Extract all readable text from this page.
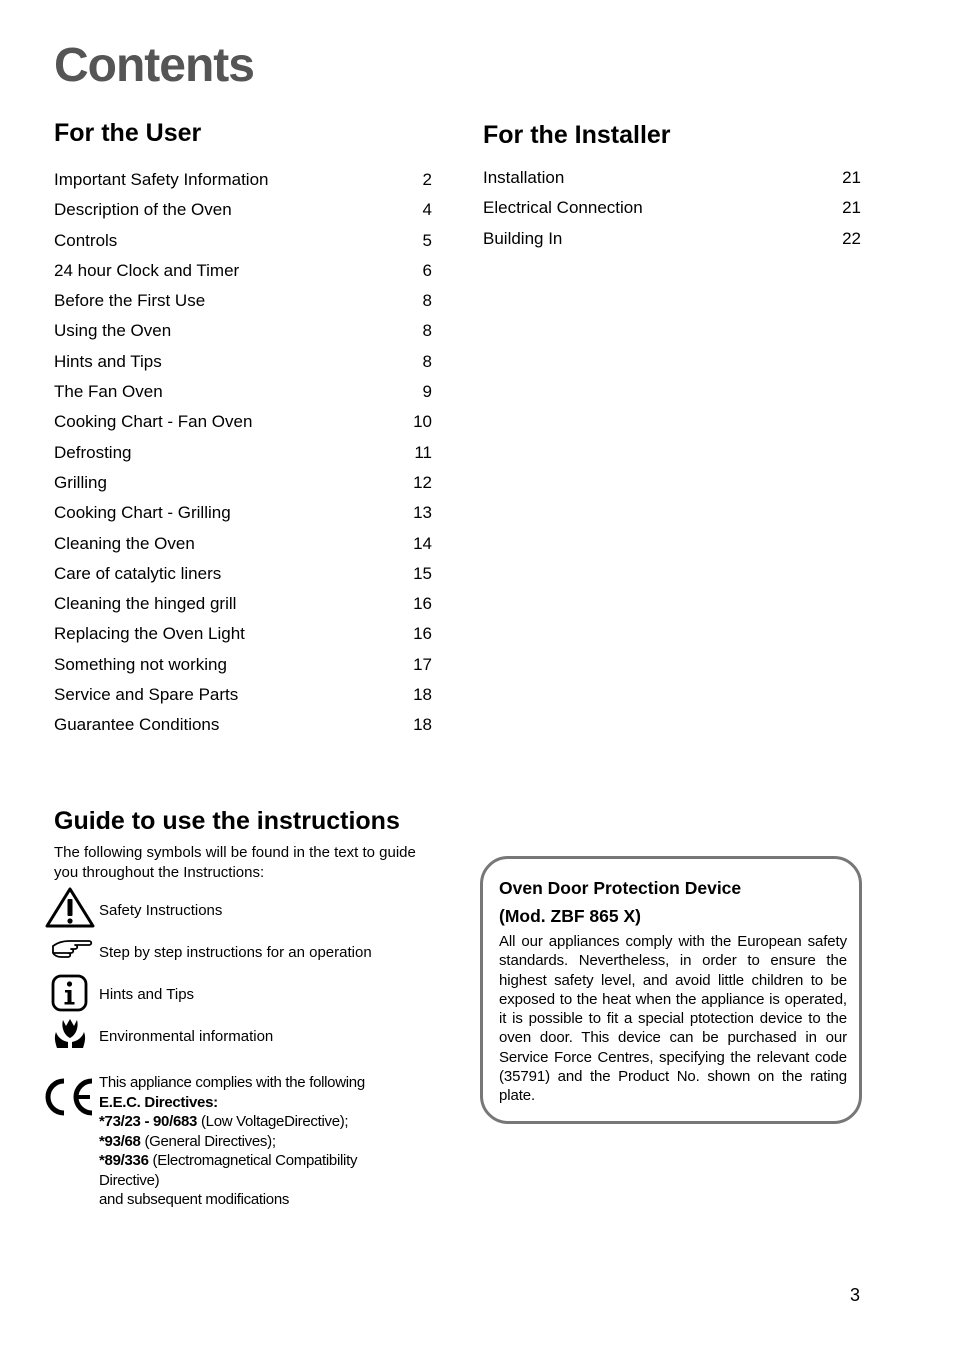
Contents
For the User
Important Safety Information	2
Description of the Oven	4
Controls	5
24 hour Clock and Timer	6
Before the First Use	8
Using the Oven	8
Hints and Tips	8
The Fan Oven	9
Cooking Chart - Fan Oven	10
Defrosting	11
Grilling	12
Cooking Chart - Grilling	13
Cleaning the Oven	14
Care of catalytic liners	15
Cleaning the hinged grill	16
Replacing the Oven Light	16
Something not working	17
Service and Spare Parts	18
Guarantee Conditions	18
For the Installer
Installation	21
Electrical Connection	21
Building In	22
Guide to use the instructions
The following symbols will be found in the text to guide you throughout the Instructions:
Safety Instructions
Step by step instructions for an operation
Hints and Tips
Environmental information
This appliance complies with the following
E.E.C. Directives:
*73/23 - 90/683 (Low VoltageDirective);
*93/68 (General Directives);
*89/336 (Electromagnetical Compatibility
Directive)
and subsequent modifications
Oven Door Protection Device
(Mod. ZBF 865 X)
All our appliances comply with the European safety standards. Nevertheless, in order to ensure the highest safety level, and avoid little children to be exposed to the heat when the appliance is operated, it is possible to fit a special ptotection device to the oven door. This device can be purchased in our Service Force Centres, specifying the relevant code (35791) and the Product No. shown on the rating plate.
3
